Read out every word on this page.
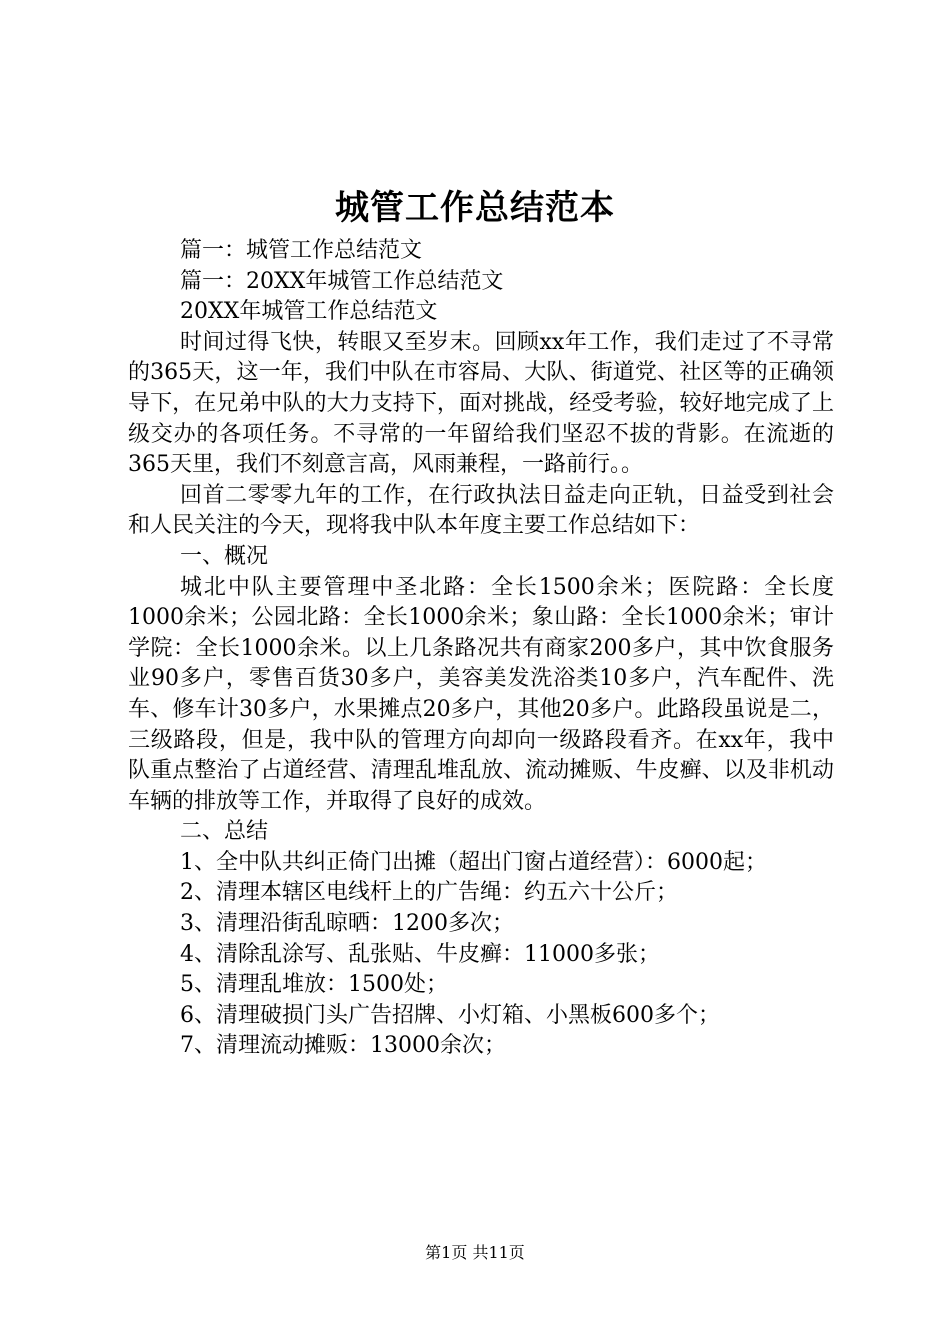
城管工作总结范本
篇一：城管工作总结范文
篇一：20XX年城管工作总结范文
20XX年城管工作总结范文
时间过得飞快，转眼又至岁末。回顾xx年工作，我们走过了不寻常的365天，这一年，我们中队在市容局、大队、街道党、社区等的正确领导下，在兄弟中队的大力支持下，面对挑战，经受考验，较好地完成了上级交办的各项任务。不寻常的一年留给我们坚忍不拔的背影。在流逝的365天里，我们不刻意言高，风雨兼程，一路前行。。
回首二零零九年的工作，在行政执法日益走向正轨，日益受到社会和人民关注的今天，现将我中队本年度主要工作总结如下：
一、概况
城北中队主要管理中圣北路：全长1500余米；医院路：全长度1000余米；公园北路：全长1000余米；象山路：全长1000余米；审计学院：全长1000余米。以上几条路况共有商家200多户，其中饮食服务业90多户，零售百货30多户，美容美发洗浴类10多户，汽车配件、洗车、修车计30多户，水果摊点20多户，其他20多户。此路段虽说是二，三级路段，但是，我中队的管理方向却向一级路段看齐。在xx年，我中队重点整治了占道经营、清理乱堆乱放、流动摊贩、牛皮癣、以及非机动车辆的排放等工作，并取得了良好的成效。
二、总结
1、全中队共纠正倚门出摊（超出门窗占道经营）：6000起；
2、清理本辖区电线杆上的广告绳：约五六十公斤；
3、清理沿街乱晾晒：1200多次；
4、清除乱涂写、乱张贴、牛皮癣：11000多张；
5、清理乱堆放：1500处；
6、清理破损门头广告招牌、小灯箱、小黑板600多个；
7、清理流动摊贩：13000余次；
第1页 共11页
